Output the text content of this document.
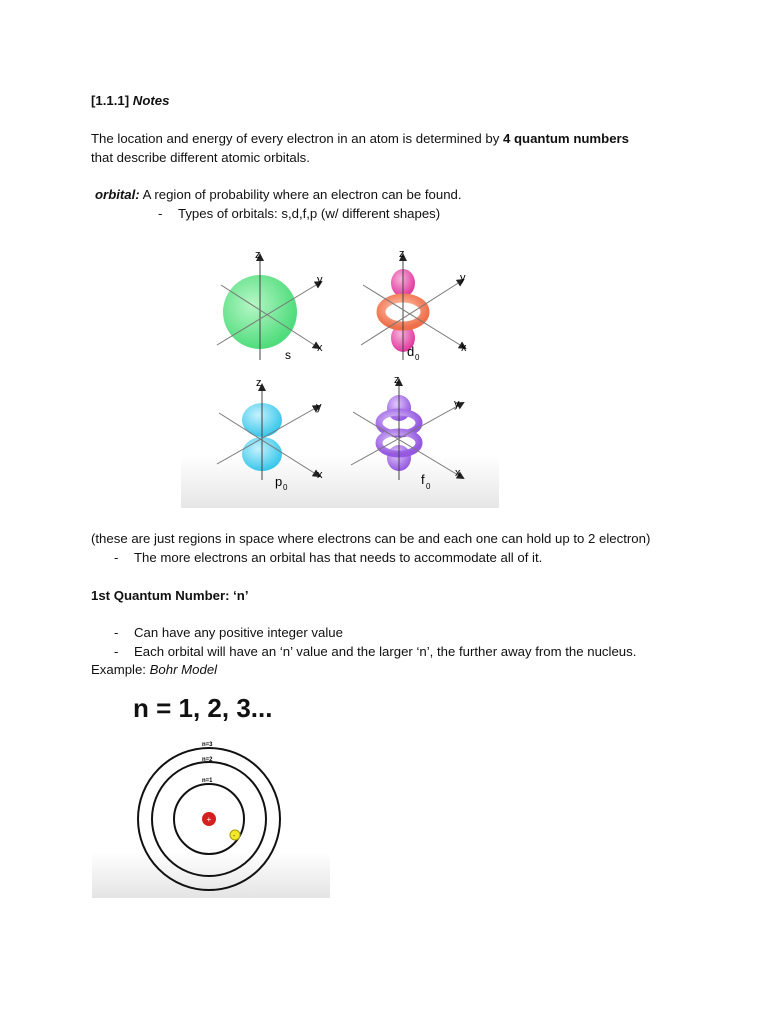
[1.1.1] Notes
The location and energy of every electron in an atom is determined by 4 quantum numbers
that describe different atomic orbitals.
orbital: A region of probability where an electron can be found.
- Types of orbitals: s,d,f,p (w/ different shapes)
z
y
x
s
z
y
x
d 0
z
y
x
p 0
z
y
x
f 0
(these are just regions in space where electrons can be and each one can hold up to 2 electron)
- The more electrons an orbital has that needs to accommodate all of it.
1st Quantum Number: ‘n’
- Can have any positive integer value
- Each orbital will have an ‘n’ value and the larger ‘n’, the further away from the nucleus.
Example: Bohr Model
n = 1, 2, 3...
n=3
n=2
n=1
+
-
